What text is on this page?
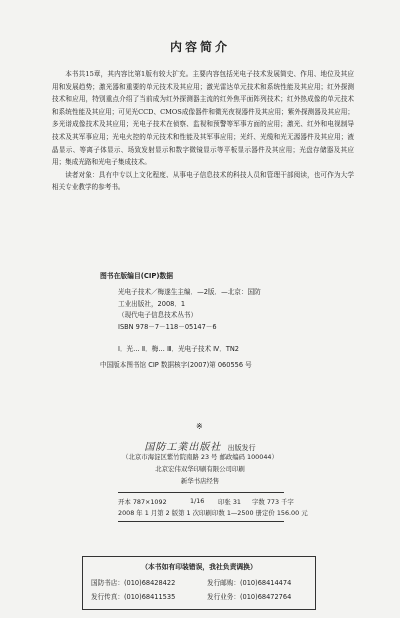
内容简介

本书共15章，其内容比第1版有较大扩充。主要内容包括光电子技术发展简史、作用、地位及其应用和发展趋势；激光器和重要的单元技术及其应用；激光雷达单元技术和系统性能及其应用；红外探测技术和应用，特别重点介绍了当前成为红外探测器主流的红外焦平面阵列技术；红外热成像的单元技术和系统性能及其应用；可见光CCD、CMOS成像器件和微光夜视器件及其应用；紫外探测器及其应用；多光谱成像技术及其应用；光电子技术在侦察、监视和预警等军事方面的应用；激光、红外和电视制导技术及其军事应用；光电火控的单元技术和性能及其军事应用；光纤、光缆和光无源器件及其应用；液晶显示、等离子体显示、场致发射显示和数字微镜显示等平板显示器件及其应用；光盘存储器及其应用；集成光路和光电子集成技术。

读者对象：具有中专以上文化程度、从事电子信息技术的科技人员和管理干部阅读，也可作为大学相关专业教学的参考书。

图书在版编目(CIP)数据
光电子技术／梅遂生主编．—2版．—北京：国防
工业出版社，2008．1
（现代电子信息技术丛书）
ISBN 978－7－118－05147－6
Ⅰ．光… Ⅱ．梅… Ⅲ．光电子技术 Ⅳ．TN2
中国版本图书馆 CIP 数据核字(2007)第 060556 号
※
国防工業出版社 出版发行
（北京市海淀区紫竹院南路 23 号 邮政编码 100044）
北京宏伟双华印刷有限公司印刷
新华书店经售
开本 787×1092	1/16 印张 31 字数 773 千字
2008 年 1 月第 2 版第 1 次印刷 印数 1—2500 册 定价 156.00 元
（本书如有印装错误，我社负责调换）
国防书店：(010)68428422
发行传真：(010)68411535
发行邮购：(010)68414474
发行业务：(010)68472764
